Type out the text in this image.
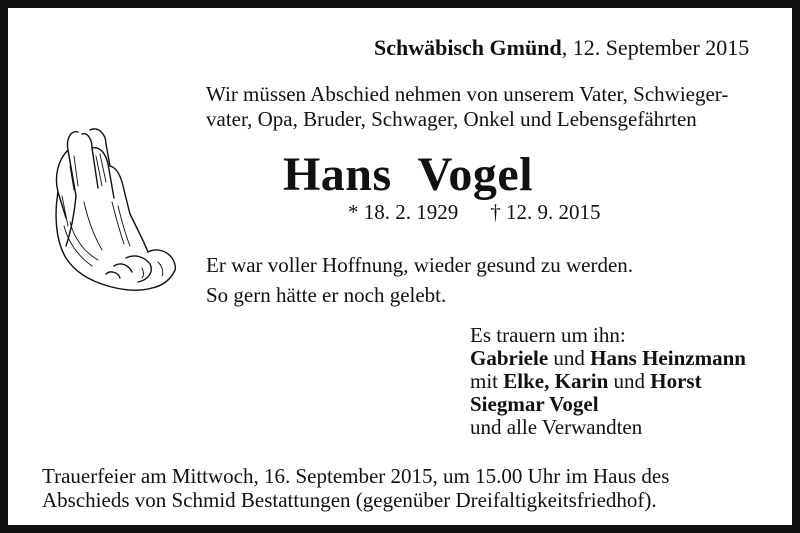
Schwäbisch Gmünd, 12. September 2015
Wir müssen Abschied nehmen von unserem Vater, Schwieger-
vater, Opa, Bruder, Schwager, Onkel und Lebensgefährten
Hans Vogel
* 18. 2. 1929 † 12. 9. 2015
Er war voller Hoffnung, wieder gesund zu werden.
So gern hätte er noch gelebt.
Es trauern um ihn:
Gabriele und Hans Heinzmann
mit Elke, Karin und Horst
Siegmar Vogel
und alle Verwandten
Trauerfeier am Mittwoch, 16. September 2015, um 15.00 Uhr im Haus des
Abschieds von Schmid Bestattungen (gegenüber Dreifaltigkeitsfriedhof).
